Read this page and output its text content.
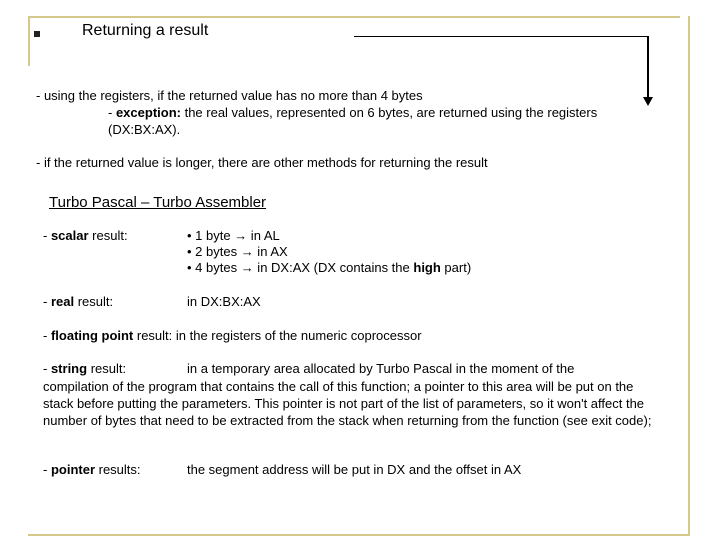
Returning a result
- using the registers, if the returned value has no more than 4 bytes
- exception: the real values, represented on 6 bytes, are returned using the registers
(DX:BX:AX).
- if the returned value is longer, there are other methods for returning the result
Turbo Pascal – Turbo Assembler
- scalar result:	• 1 byte → in AL
• 2 bytes → in AX
• 4 bytes → in DX:AX (DX contains the high part)
- real result:	in DX:BX:AX
- floating point result: in the registers of the numeric coprocessor
- string result:	in a temporary area allocated by Turbo Pascal in the moment of the
compilation of the program that contains the call of this function; a pointer to this area will be put on the stack before putting the parameters. This pointer is not part of the list of parameters, so it won't affect the number of bytes that need to be extracted from the stack when returning from the function (see exit code);
- pointer results:	the segment address will be put in DX and the offset in AX
